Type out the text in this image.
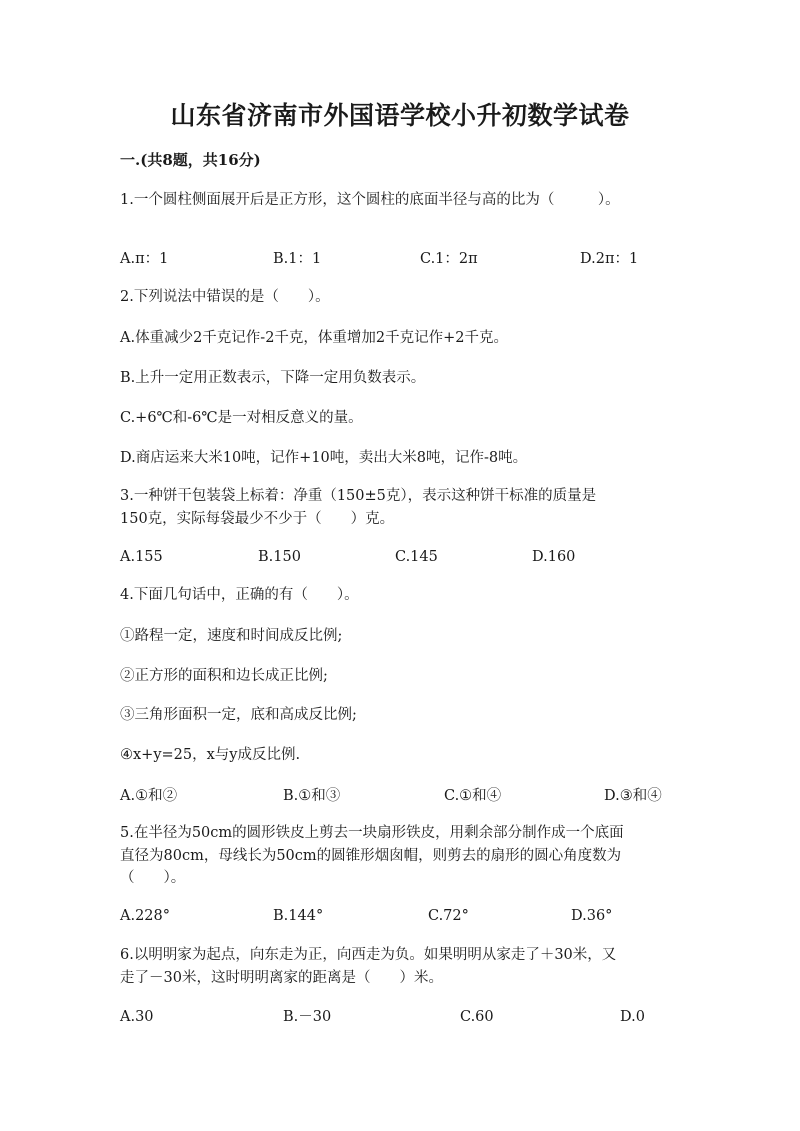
山东省济南市外国语学校小升初数学试卷
一.(共8题，共16分)
1.一个圆柱侧面展开后是正方形，这个圆柱的底面半径与高的比为（　　　）。
A.π：1	B.1：1	C.1：2π	D.2π：1
2.下列说法中错误的是（　　）。
A.体重减少2千克记作-2千克，体重增加2千克记作+2千克。
B.上升一定用正数表示，下降一定用负数表示。
C.+6℃和-6℃是一对相反意义的量。
D.商店运来大米10吨，记作+10吨，卖出大米8吨，记作-8吨。
3.一种饼干包装袋上标着：净重（150±5克），表示这种饼干标准的质量是
150克，实际每袋最少不少于（　　）克。
A.155	B.150	C.145	D.160
4.下面几句话中，正确的有（　　）。
①路程一定，速度和时间成反比例;
②正方形的面积和边长成正比例;
③三角形面积一定，底和高成反比例;
④x+y=25，x与y成反比例.
A.①和②	B.①和③	C.①和④	D.③和④
5.在半径为50cm的圆形铁皮上剪去一块扇形铁皮，用剩余部分制作成一个底面
直径为80cm，母线长为50cm的圆锥形烟囱帽，则剪去的扇形的圆心角度数为
（　　）。
A.228°	B.144°	C.72°	D.36°
6.以明明家为起点，向东走为正，向西走为负。如果明明从家走了＋30米，又
走了－30米，这时明明离家的距离是（　　）米。
A.30	B.－30	C.60	D.0
